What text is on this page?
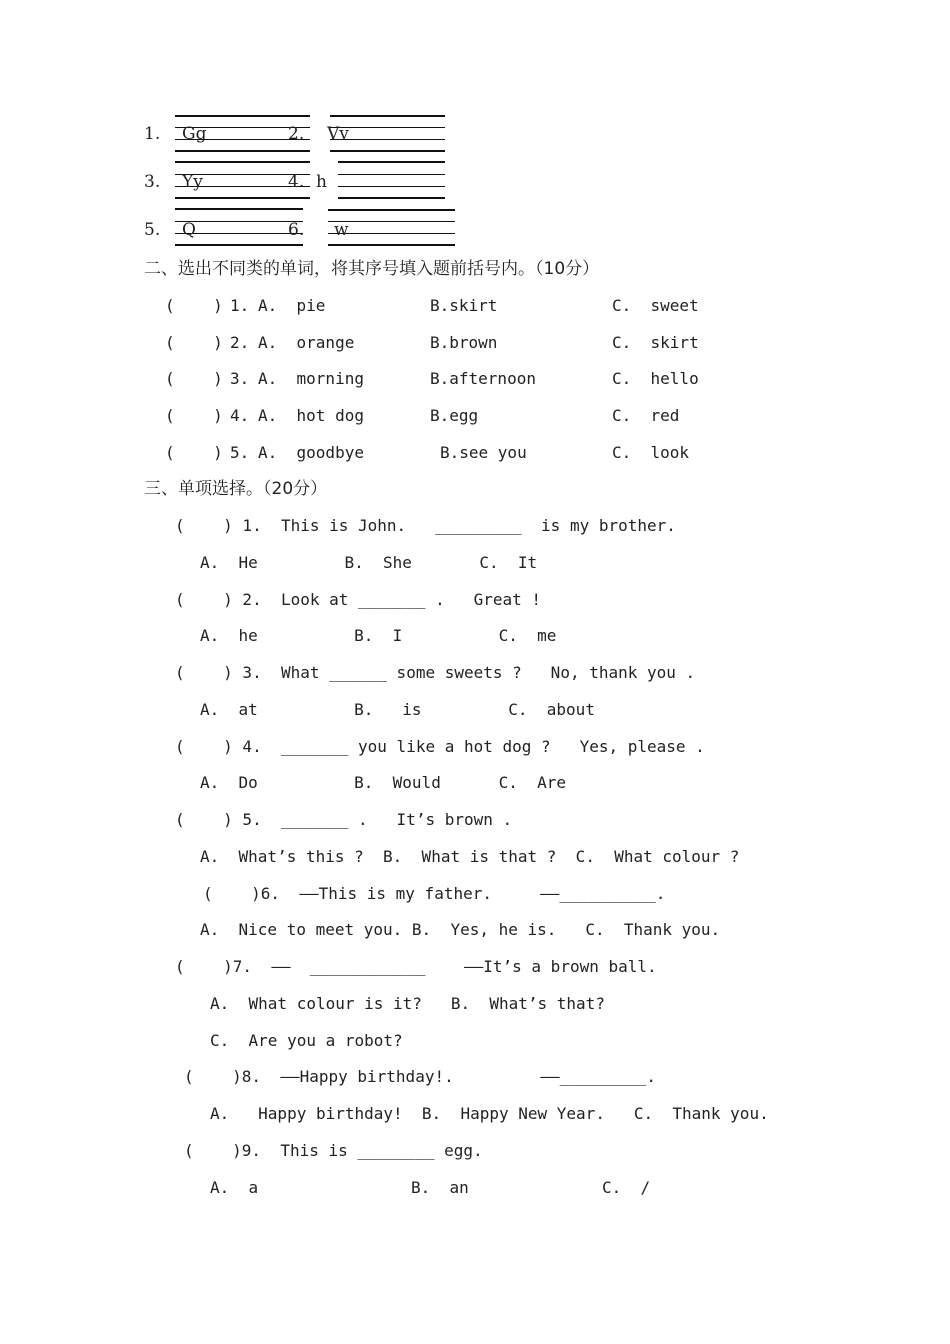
1. Gg	2. Vv
3. Yy	4. h
5. Q	6. w
二、选出不同类的单词，将其序号填入题前括号内。（10分）
(    ) 1. A.  pie	B.skirt	C.  sweet
(    ) 2. A.  orange	B.brown	C.  skirt
(    ) 3. A.  morning	B.afternoon	C.  hello
(    ) 4. A.  hot dog	B.egg	C.  red
(    ) 5. A.  goodbye	B.see you	C.  look
三、单项选择。（20分）
(    ) 1.  This is John.   _________  is my brother.
A.  He         B.  She       C.  It
(    ) 2.  Look at _______ .   Great !
A.  he          B.  I          C.  me
(    ) 3.  What ______ some sweets ?   No, thank you .
A.  at          B.   is         C.  about
(    ) 4.  _______ you like a hot dog ?   Yes, please .
A.  Do          B.  Would      C.  Are
(    ) 5.  _______ .   It’s brown .
A.  What’s this ?  B.  What is that ?  C.  What colour ?
(    )6.  ——This is my father.     ——__________.
A.  Nice to meet you. B.  Yes, he is.   C.  Thank you.
(    )7.  ——  ____________    ——It’s a brown ball.
A.  What colour is it?   B.  What’s that?
C.  Are you a robot?
(    )8.  ——Happy birthday!.         ——_________.
A.   Happy birthday!  B.  Happy New Year.   C.  Thank you.
(    )9.  This is ________ egg.
A.  a	B.  an	C.  /
